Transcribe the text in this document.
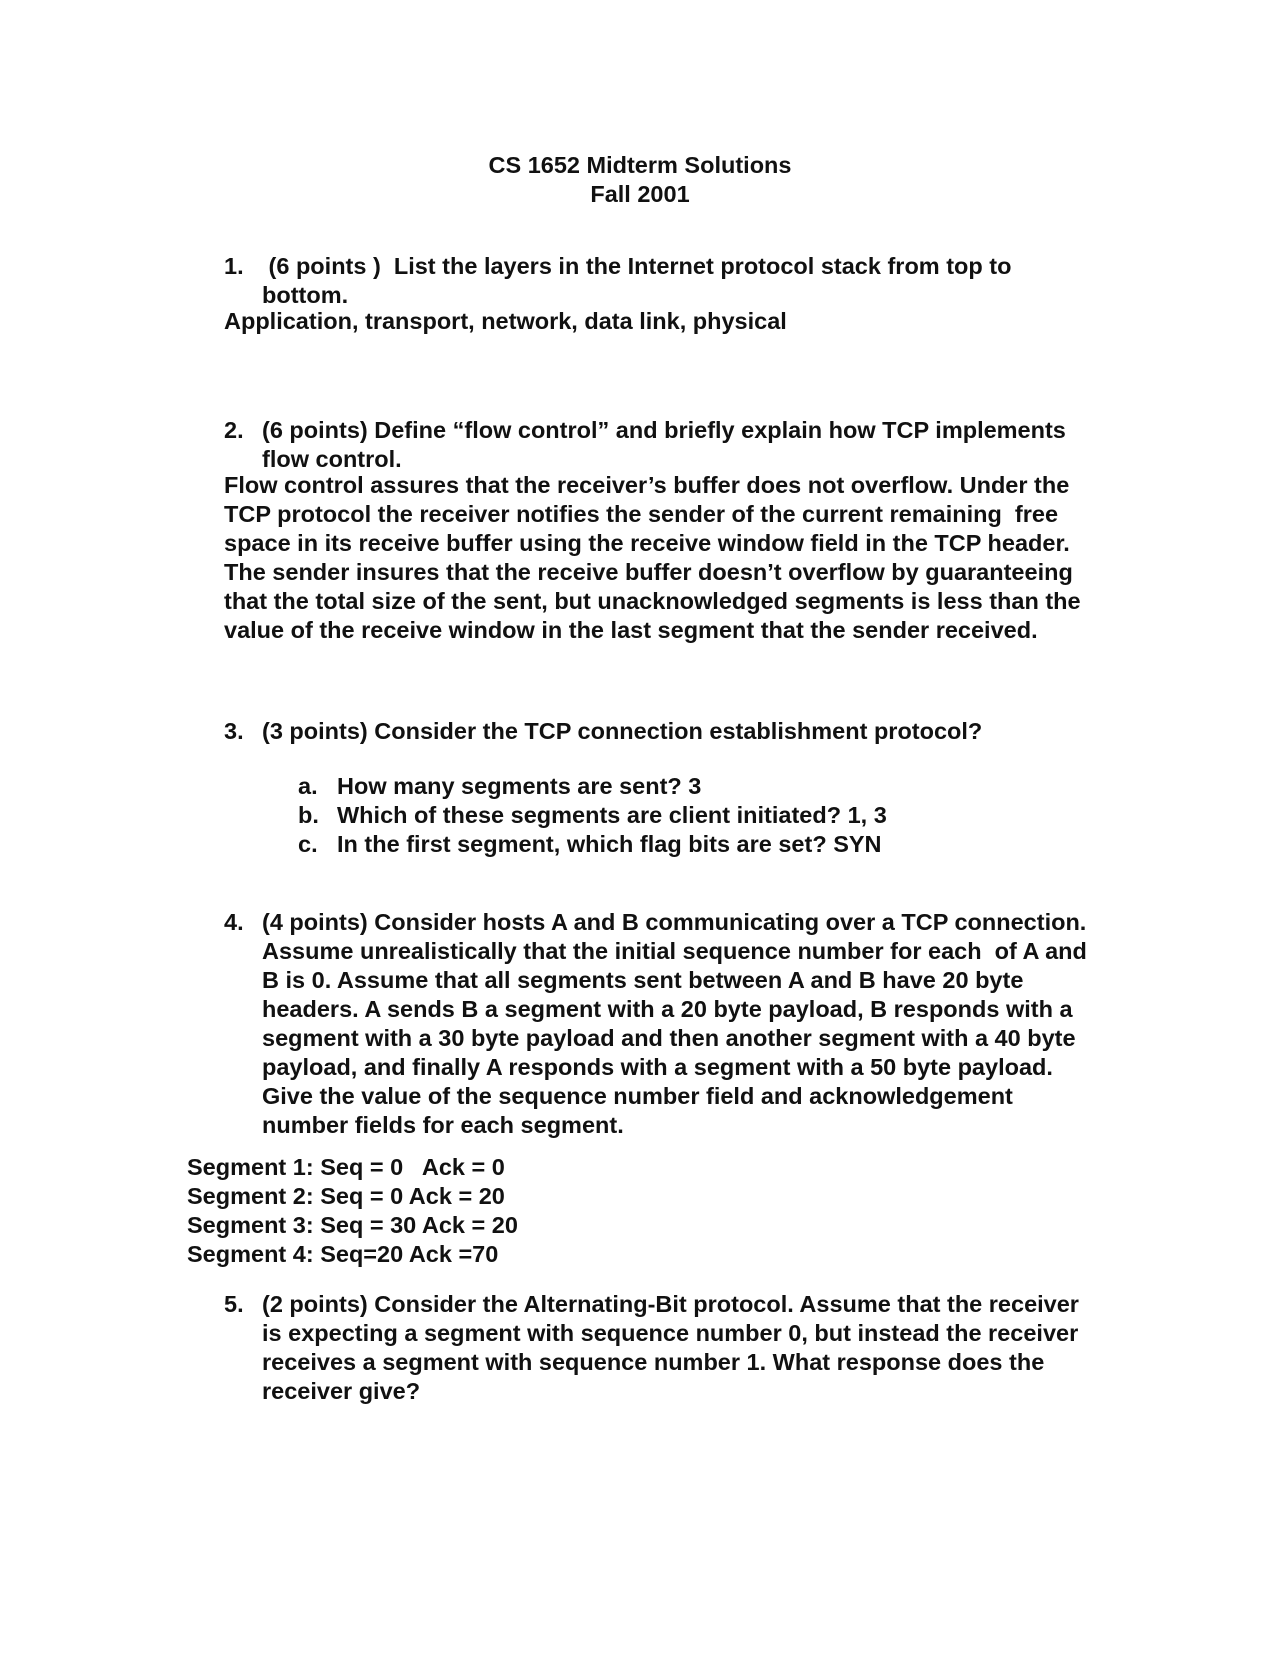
CS 1652 Midterm Solutions
Fall 2001
1. (6 points )  List the layers in the Internet protocol stack from top to bottom.
Application, transport, network, data link, physical
2. (6 points) Define “flow control” and briefly explain how TCP implements flow control.
Flow control assures that the receiver’s buffer does not overflow. Under the TCP protocol the receiver notifies the sender of the current remaining  free space in its receive buffer using the receive window field in the TCP header. The sender insures that the receive buffer doesn’t overflow by guaranteeing that the total size of the sent, but unacknowledged segments is less than the value of the receive window in the last segment that the sender received.
3. (3 points) Consider the TCP connection establishment protocol?
a. How many segments are sent? 3
b. Which of these segments are client initiated? 1, 3
c. In the first segment, which flag bits are set? SYN
4. (4 points) Consider hosts A and B communicating over a TCP connection. Assume unrealistically that the initial sequence number for each  of A and B is 0. Assume that all segments sent between A and B have 20 byte headers. A sends B a segment with a 20 byte payload, B responds with a segment with a 30 byte payload and then another segment with a 40 byte payload, and finally A responds with a segment with a 50 byte payload. Give the value of the sequence number field and acknowledgement number fields for each segment.
Segment 1: Seq = 0   Ack = 0
Segment 2: Seq = 0 Ack = 20
Segment 3: Seq = 30 Ack = 20
Segment 4: Seq=20 Ack =70
5. (2 points) Consider the Alternating-Bit protocol. Assume that the receiver is expecting a segment with sequence number 0, but instead the receiver receives a segment with sequence number 1. What response does the receiver give?
